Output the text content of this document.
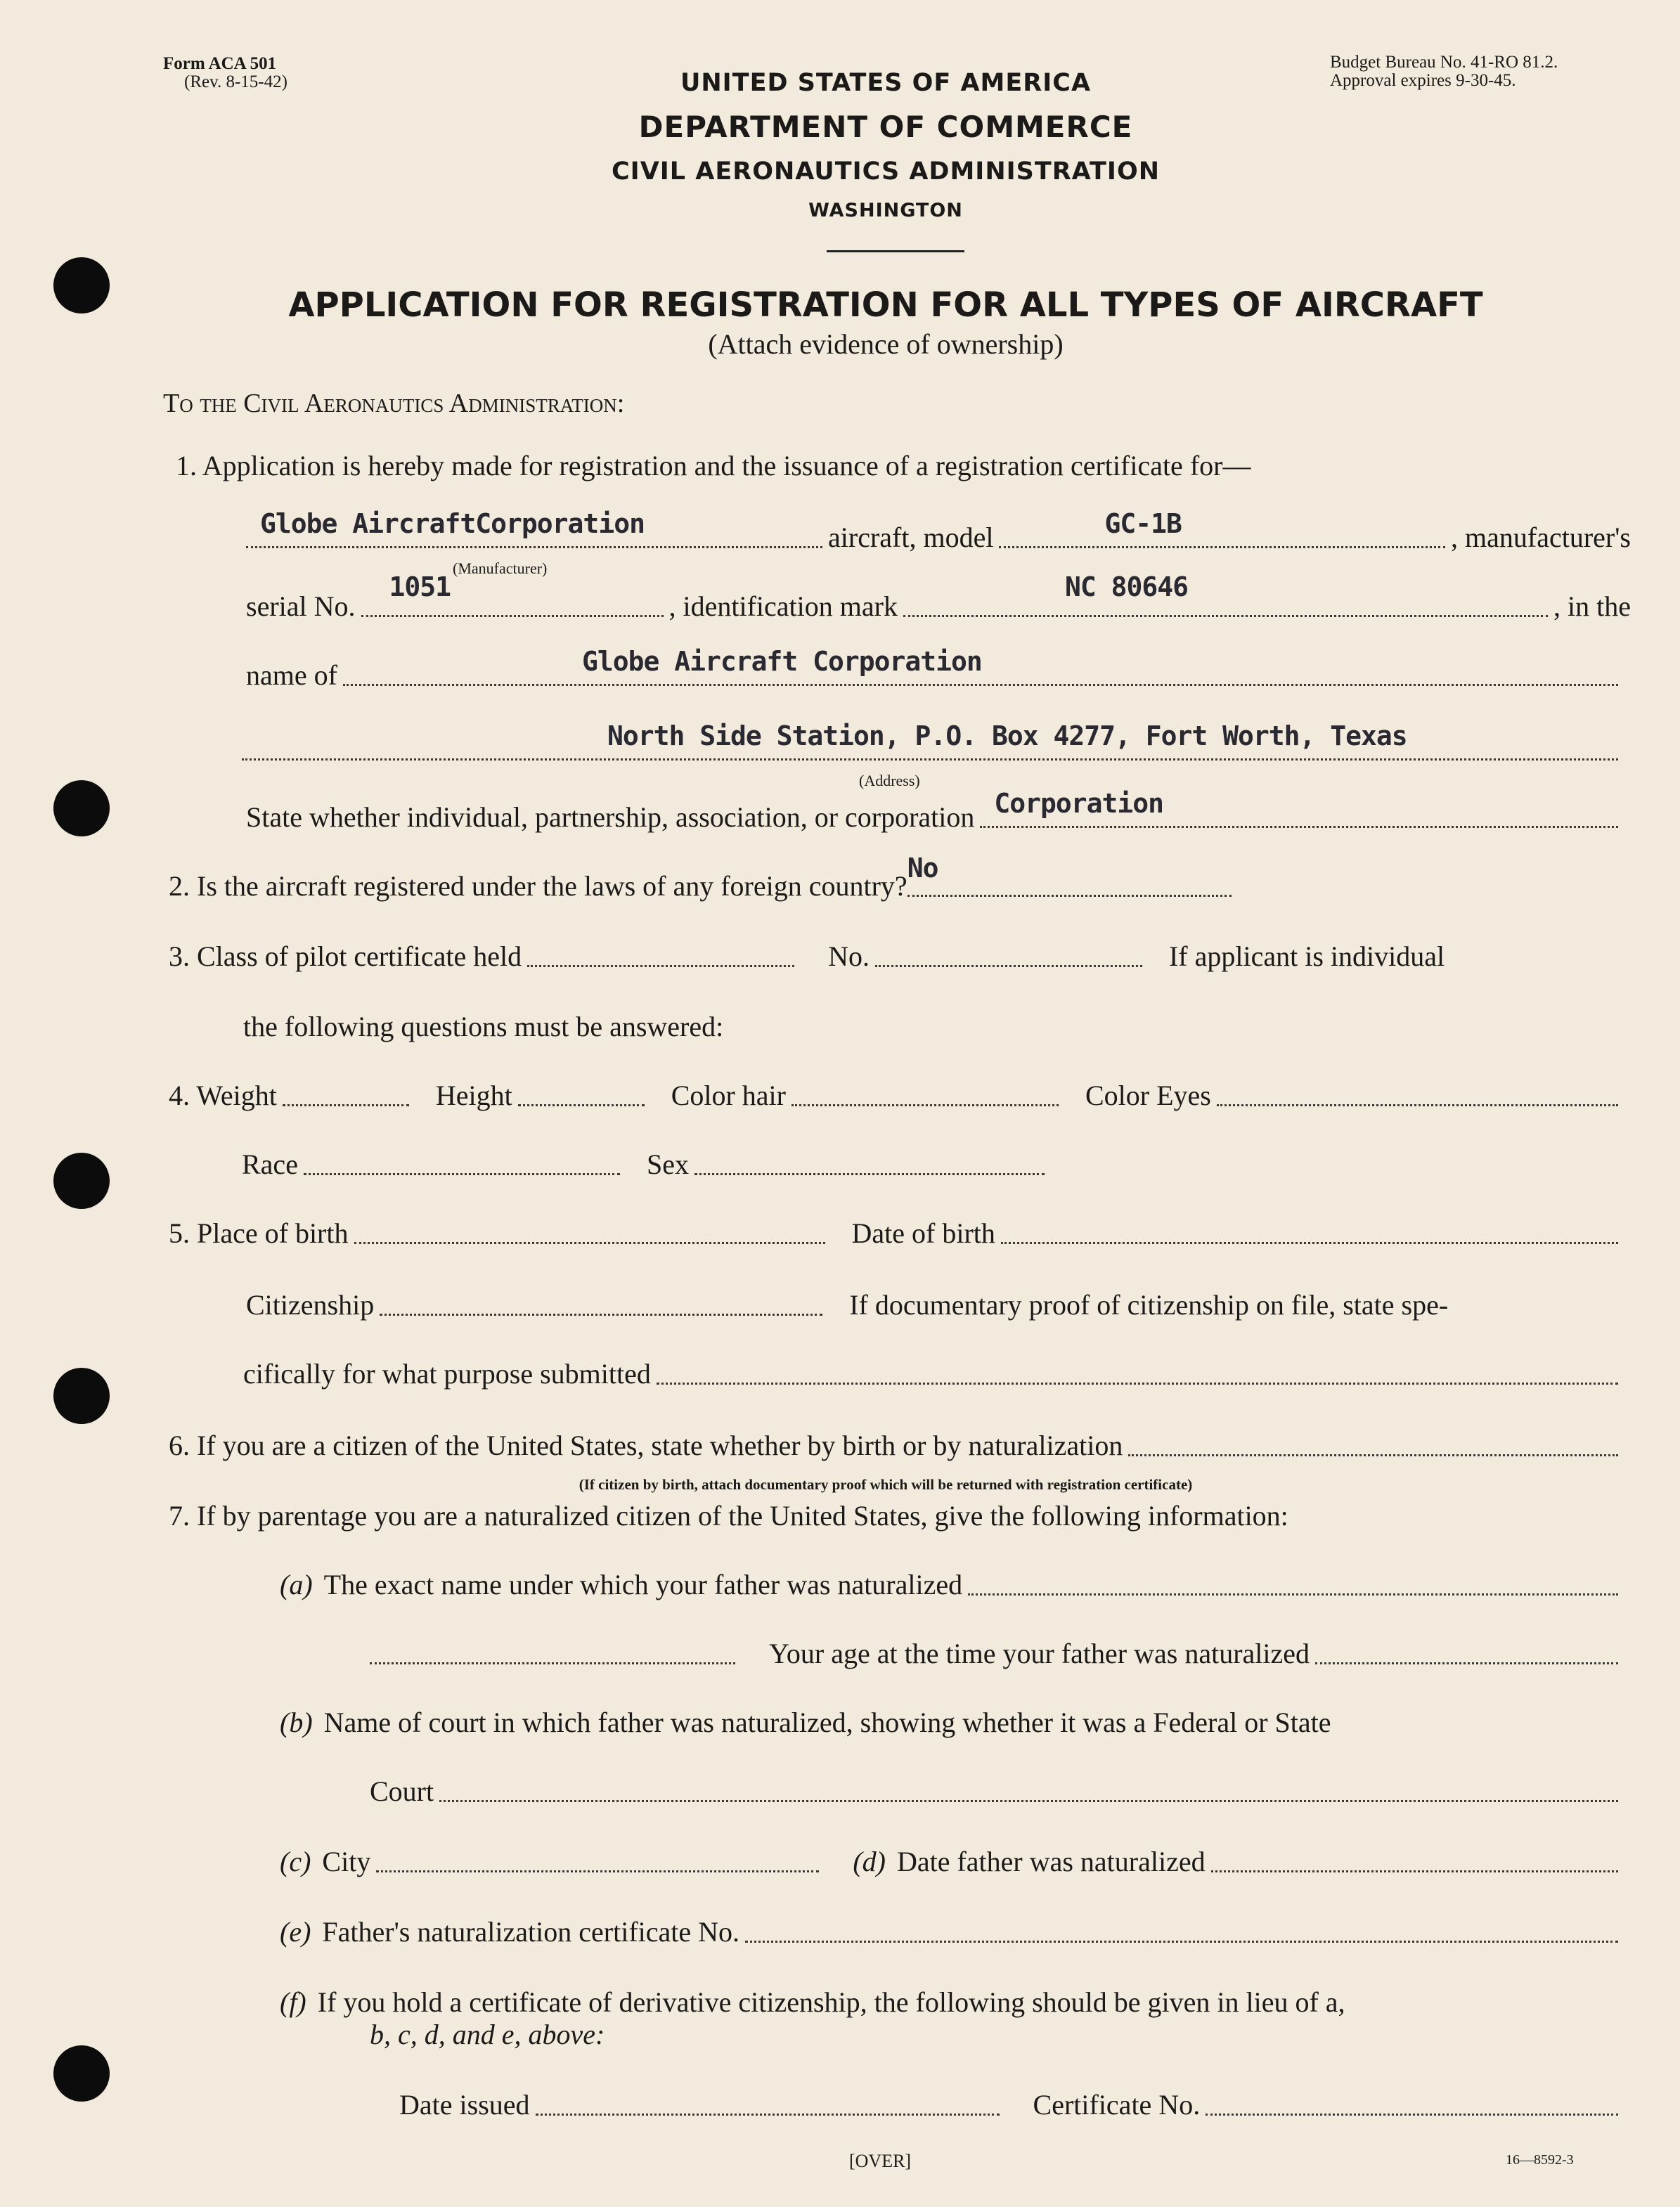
Form ACA 501
(Rev. 8-15-42)
Budget Bureau No. 41-RO 81.2.
Approval expires 9-30-45.
UNITED STATES OF AMERICA
DEPARTMENT OF COMMERCE
CIVIL AERONAUTICS ADMINISTRATION
WASHINGTON
APPLICATION FOR REGISTRATION FOR ALL TYPES OF AIRCRAFT
(Attach evidence of ownership)
To the Civil Aeronautics Administration:
1. Application is hereby made for registration and the issuance of a registration certificate for—
Globe AircraftCorporation	aircraft, model	GC-1B	, manufacturer's
(Manufacturer)
serial No.
1051
, identification mark
NC 80646
, in the
name of	Globe Aircraft Corporation
North Side Station, P.O. Box 4277, Fort Worth, Texas
(Address)
State whether individual, partnership, association, or corporation Corporation
2. Is the aircraft registered under the laws of any foreign country?
No
3. Class of pilot certificate held	No.	If applicant is individual
the following questions must be answered:
4. Weight	Height	Color hair	Color Eyes
Race	Sex
5. Place of birth	Date of birth
Citizenship	If documentary proof of citizenship on file, state spe-
cifically for what purpose submitted
6. If you are a citizen of the United States, state whether by birth or by naturalization
(If citizen by birth, attach documentary proof which will be returned with registration certificate)
7. If by parentage you are a naturalized citizen of the United States, give the following information:
(a) The exact name under which your father was naturalized
Your age at the time your father was naturalized
(b) Name of court in which father was naturalized, showing whether it was a Federal or State
Court
(c) City	(d) Date father was naturalized
(e) Father's naturalization certificate No.
(f) If you hold a certificate of derivative citizenship, the following should be given in lieu of a,
b, c, d, and e, above:
Date issued	Certificate No.
[OVER]	16—8592-3
